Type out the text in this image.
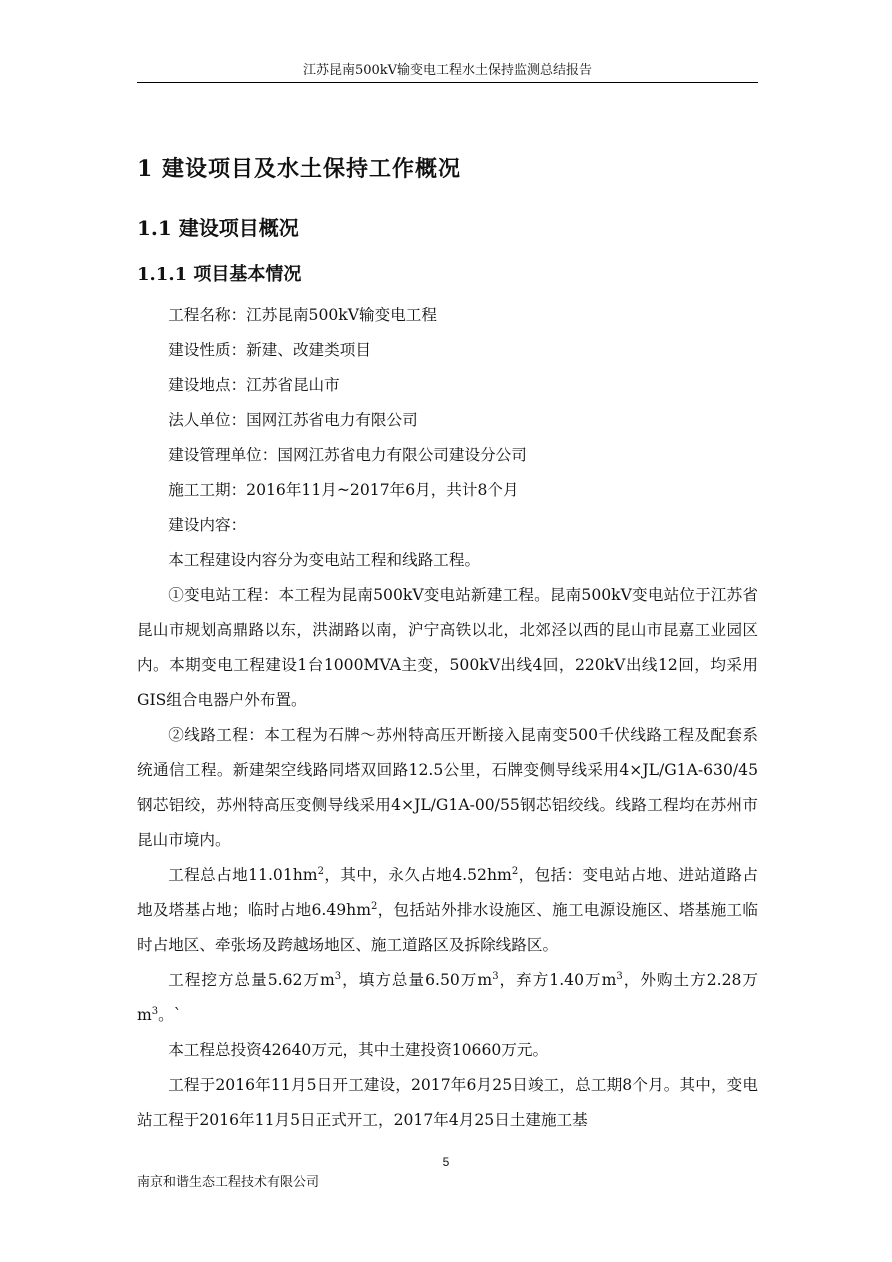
江苏昆南500kV输变电工程水土保持监测总结报告
1 建设项目及水土保持工作概况
1.1 建设项目概况
1.1.1 项目基本情况

工程名称：江苏昆南500kV输变电工程

建设性质：新建、改建类项目

建设地点：江苏省昆山市

法人单位：国网江苏省电力有限公司

建设管理单位：国网江苏省电力有限公司建设分公司

施工工期：2016年11月~2017年6月，共计8个月

建设内容：

本工程建设内容分为变电站工程和线路工程。

①变电站工程：本工程为昆南500kV变电站新建工程。昆南500kV变电站位于江苏省昆山市规划高鼎路以东，洪湖路以南，沪宁高铁以北，北郊泾以西的昆山市昆嘉工业园区内。本期变电工程建设1台1000MVA主变，500kV出线4回，220kV出线12回，均采用GIS组合电器户外布置。

②线路工程：本工程为石牌～苏州特高压开断接入昆南变500千伏线路工程及配套系统通信工程。新建架空线路同塔双回路12.5公里，石牌变侧导线采用4×JL/G1A-630/45钢芯铝绞，苏州特高压变侧导线采用4×JL/G1A-00/55钢芯铝绞线。线路工程均在苏州市昆山市境内。

工程总占地$11.01hm^2$，其中，永久占地$4.52hm^2$，包括：变电站占地、进站道路占地及塔基占地；临时占地$6.49hm^2$，包括站外排水设施区、施工电源设施区、塔基施工临时占地区、牵张场及跨越场地区、施工道路区及拆除线路区。

工程挖方总量5.62万$m^3$，填方总量6.50万$m^3$，弃方1.40万$m^3$，外购土方2.28万$m^3$。`

本工程总投资42640万元，其中土建投资10660万元。

工程于2016年11月5日开工建设，2017年6月25日竣工，总工期8个月。其中，变电站工程于2016年11月5日正式开工，2017年4月25日土建施工基

5
南京和谐生态工程技术有限公司
